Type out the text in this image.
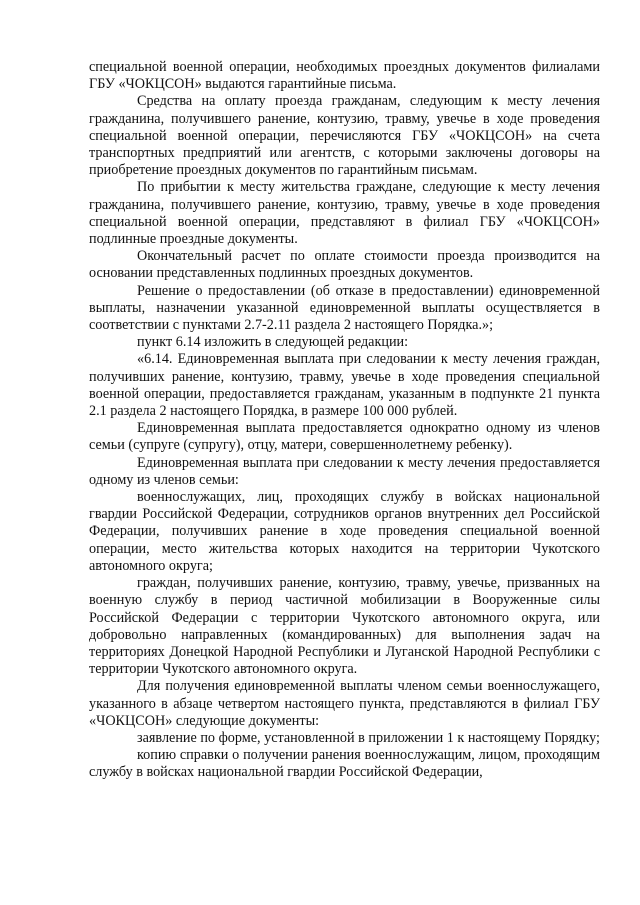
специальной военной операции, необходимых проездных документов филиалами ГБУ «ЧОКЦСОН» выдаются гарантийные письма.

Средства на оплату проезда гражданам, следующим к месту лечения гражданина, получившего ранение, контузию, травму, увечье в ходе проведения специальной военной операции, перечисляются ГБУ «ЧОКЦСОН» на счета транспортных предприятий или агентств, с которыми заключены договоры на приобретение проездных документов по гарантийным письмам.

По прибытии к месту жительства граждане, следующие к месту лечения гражданина, получившего ранение, контузию, травму, увечье в ходе проведения специальной военной операции, представляют в филиал ГБУ «ЧОКЦСОН» подлинные проездные документы.

Окончательный расчет по оплате стоимости проезда производится на основании представленных подлинных проездных документов.

Решение о предоставлении (об отказе в предоставлении) единовременной выплаты, назначении указанной единовременной выплаты осуществляется в соответствии с пунктами 2.7-2.11 раздела 2 настоящего Порядка.»;

пункт 6.14 изложить в следующей редакции:

«6.14. Единовременная выплата при следовании к месту лечения граждан, получивших ранение, контузию, травму, увечье в ходе проведения специальной военной операции, предоставляется гражданам, указанным в подпункте 21 пункта 2.1 раздела 2 настоящего Порядка, в размере 100 000 рублей.

Единовременная выплата предоставляется однократно одному из членов семьи (супруге (супругу), отцу, матери, совершеннолетнему ребенку).

Единовременная выплата при следовании к месту лечения предоставляется одному из членов семьи:

военнослужащих, лиц, проходящих службу в войсках национальной гвардии Российской Федерации, сотрудников органов внутренних дел Российской Федерации, получивших ранение в ходе проведения специальной военной операции, место жительства которых находится на территории Чукотского автономного округа;

граждан, получивших ранение, контузию, травму, увечье, призванных на военную службу в период частичной мобилизации в Вооруженные силы Российской Федерации с территории Чукотского автономного округа, или добровольно направленных (командированных) для выполнения задач на территориях Донецкой Народной Республики и Луганской Народной Республики с территории Чукотского автономного округа.

Для получения единовременной выплаты членом семьи военнослужащего, указанного в абзаце четвертом настоящего пункта, представляются в филиал ГБУ «ЧОКЦСОН» следующие документы:

заявление по форме, установленной в приложении 1 к настоящему Порядку;

копию справки о получении ранения военнослужащим, лицом, проходящим службу в войсках национальной гвардии Российской Федерации,
